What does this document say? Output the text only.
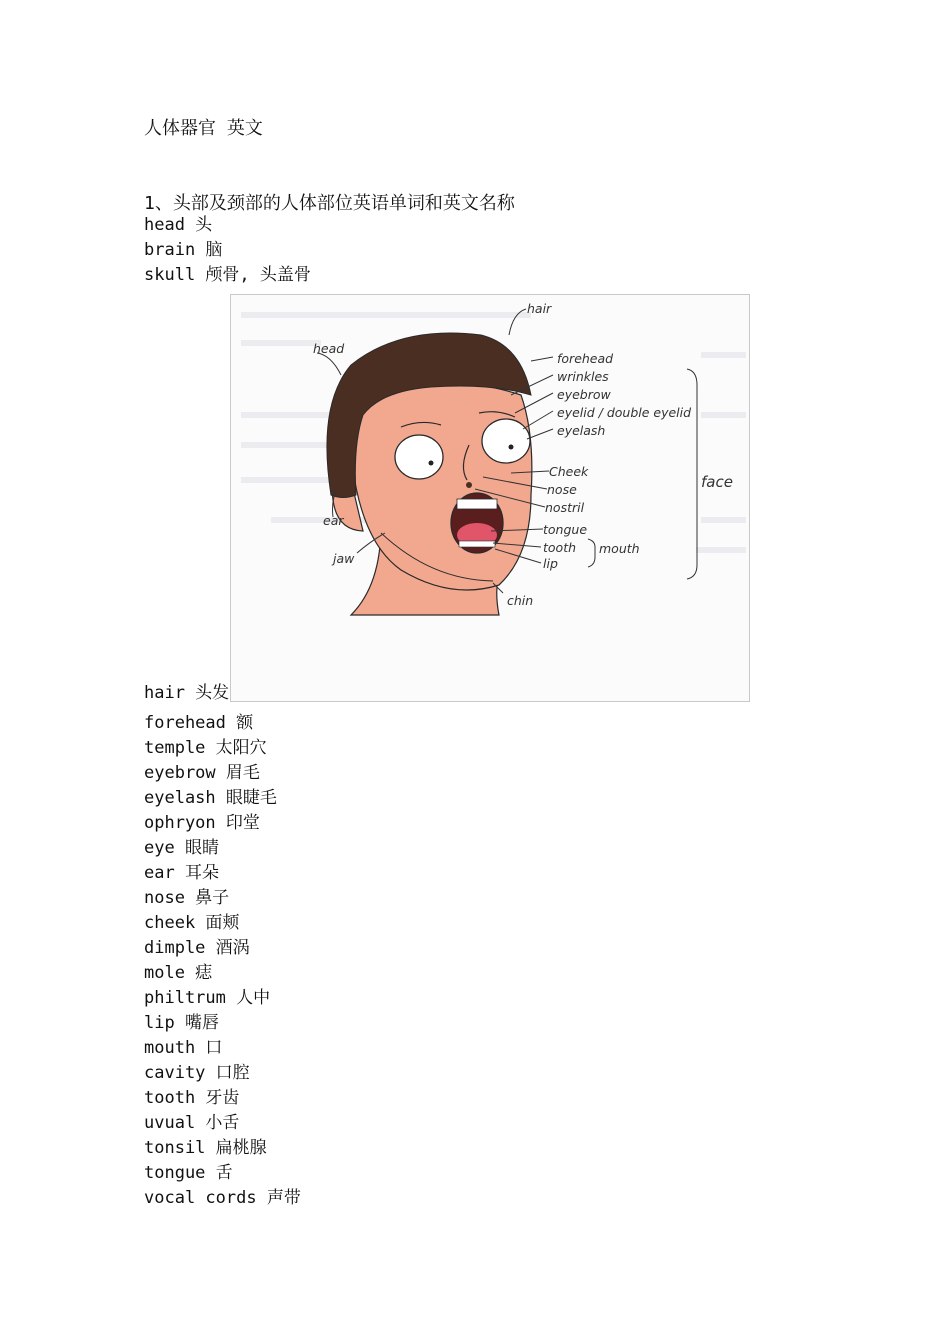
人体器官 英文
1、头部及颈部的人体部位英语单词和英文名称
head 头
brain 脑
skull 颅骨, 头盖骨
hair
head
forehead
wrinkles
eyebrow
eyelid / double eyelid
eyelash
Cheek
nose
nostril
tongue
tooth
lip
mouth
face
ear
jaw
chin
hair 头发
forehead 额
temple 太阳穴
eyebrow 眉毛
eyelash 眼睫毛
ophryon 印堂
eye 眼睛
ear 耳朵
nose 鼻子
cheek 面颊
dimple 酒涡
mole 痣
philtrum 人中
lip 嘴唇
mouth 口
cavity 口腔
tooth 牙齿
uvual 小舌
tonsil 扁桃腺
tongue 舌
vocal cords 声带
